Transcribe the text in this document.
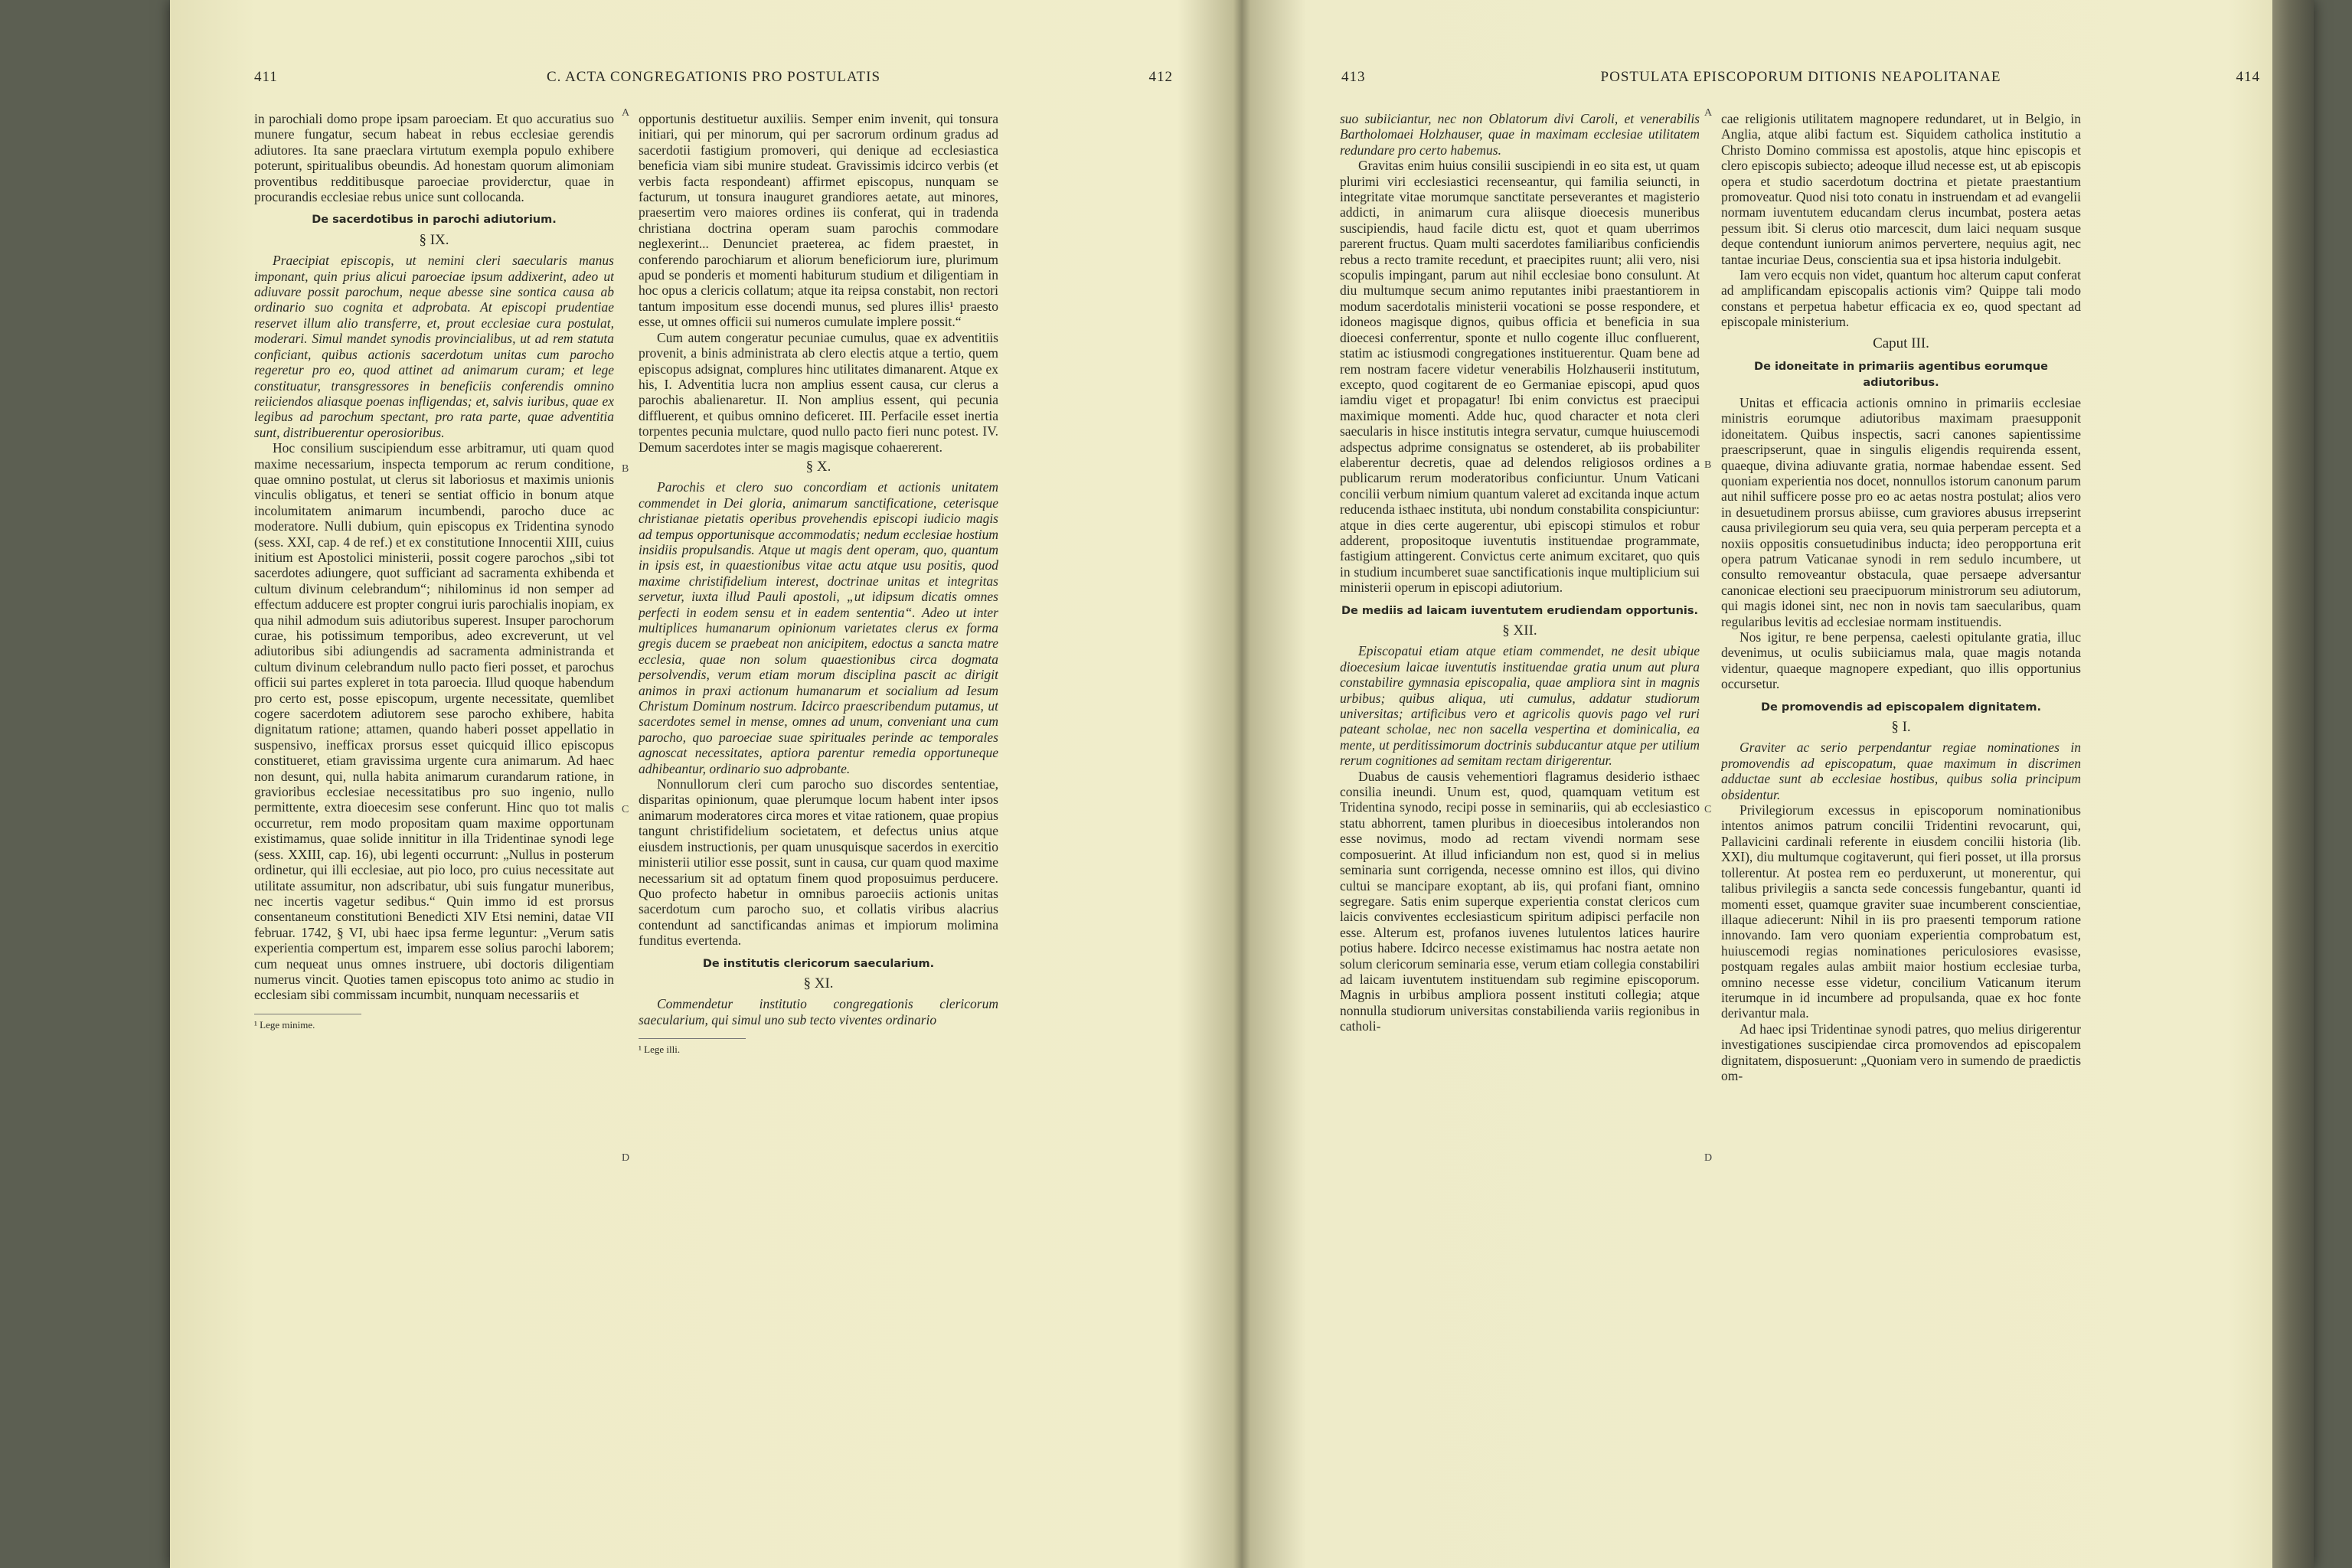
411	C. ACTA CONGREGATIONIS PRO POSTULATIS	412

in parochiali domo prope ipsam paroeciam. Et quo accuratius suo munere fungatur, secum habeat in rebus ecclesiae gerendis adiutores. Ita sane praeclara virtutum exempla populo exhibere poterunt, spiritualibus obeundis. Ad honestam quorum alimoniam proventibus redditibusque paroeciae providerctur, quae in procurandis ecclesiae rebus unice sunt collocanda.

De sacerdotibus in parochi adiutorium.
§ IX.

Praecipiat episcopis, ut nemini cleri saecularis manus imponant, quin prius alicui paroeciae ipsum addixerint, adeo ut adiuvare possit parochum, neque abesse sine sontica causa ab ordinario suo cognita et adprobata. At episcopi prudentiae reservet illum alio transferre, et, prout ecclesiae cura postulat, moderari. Simul mandet synodis provincialibus, ut ad rem statuta conficiant, quibus actionis sacerdotum unitas cum parocho regeretur pro eo, quod attinet ad animarum curam; et lege constituatur, transgressores in beneficiis conferendis omnino reiiciendos aliasque poenas infligendas; et, salvis iuribus, quae ex legibus ad parochum spectant, pro rata parte, quae adventitia sunt, distribuerentur operosioribus.

Hoc consilium suscipiendum esse arbitramur, uti quam quod maxime necessarium, inspecta temporum ac rerum conditione, quae omnino postulat, ut clerus sit laboriosus et maximis unionis vinculis obligatus, et teneri se sentiat officio in bonum atque incolumitatem animarum incumbendi, parocho duce ac moderatore. Nulli dubium, quin episcopus ex Tridentina synodo (sess. XXI, cap. 4 de ref.) et ex constitutione Innocentii XIII, cuius initium est Apostolici ministerii, possit cogere parochos „sibi tot sacerdotes adiungere, quot sufficiant ad sacramenta exhibenda et cultum divinum celebrandum“; nihilominus id non semper ad effectum adducere est propter congrui iuris parochialis inopiam, ex qua nihil admodum suis adiutoribus superest. Insuper parochorum curae, his potissimum temporibus, adeo excreverunt, ut vel adiutoribus sibi adiungendis ad sacramenta administranda et cultum divinum celebrandum nullo pacto fieri posset, et parochus officii sui partes expleret in tota paroecia. Illud quoque habendum pro certo est, posse episcopum, urgente necessitate, quemlibet cogere sacerdotem adiutorem sese parocho exhibere, habita dignitatum ratione; attamen, quando haberi posset appellatio in suspensivo, inefficax prorsus esset quicquid illico episcopus constitueret, etiam gravissima urgente cura animarum. Ad haec non desunt, qui, nulla habita animarum curandarum ratione, in gravioribus ecclesiae necessitatibus pro suo ingenio, nullo permittente, extra dioecesim sese conferunt. Hinc quo tot malis occurretur, rem modo propositam quam maxime opportunam existimamus, quae solide innititur in illa Tridentinae synodi lege (sess. XXIII, cap. 16), ubi legenti occurrunt: „Nullus in posterum ordinetur, qui illi ecclesiae, aut pio loco, pro cuius necessitate aut utilitate assumitur, non adscribatur, ubi suis fungatur muneribus, nec incertis vagetur sedibus.“ Quin immo id est prorsus consentaneum constitutioni Benedicti XIV Etsi nemini, datae VII februar. 1742, § VI, ubi haec ipsa ferme leguntur: „Verum satis experientia compertum est, imparem esse solius parochi laborem; cum nequeat unus omnes instruere, ubi doctoris diligentiam numerus vincit. Quoties tamen episcopus toto animo ac studio in ecclesiam sibi commissam incumbit, nunquam necessariis et

¹ Lege minime.
A
B
C
D

opportunis destituetur auxiliis. Semper enim invenit, qui tonsura initiari, qui per minorum, qui per sacrorum ordinum gradus ad sacerdotii fastigium promoveri, qui denique ad ecclesiastica beneficia viam sibi munire studeat. Gravissimis idcirco verbis (et verbis facta respondeant) affirmet episcopus, nunquam se facturum, ut tonsura inauguret grandiores aetate, aut minores, praesertim vero maiores ordines iis conferat, qui in tradenda christiana doctrina operam suam parochis commodare neglexerint... Denunciet praeterea, ac fidem praestet, in conferendo parochiarum et aliorum beneficiorum iure, plurimum apud se ponderis et momenti habiturum studium et diligentiam in hoc opus a clericis collatum; atque ita reipsa constabit, non rectori tantum impositum esse docendi munus, sed plures illis¹ praesto esse, ut omnes officii sui numeros cumulate implere possit.“

Cum autem congeratur pecuniae cumulus, quae ex adventitiis provenit, a binis administrata ab clero electis atque a tertio, quem episcopus adsignat, complures hinc utilitates dimanarent. Atque ex his, I. Adventitia lucra non amplius essent causa, cur clerus a parochis abalienaretur. II. Non amplius essent, qui pecunia diffluerent, et quibus omnino deficeret. III. Perfacile esset inertia torpentes pecunia mulctare, quod nullo pacto fieri nunc potest. IV. Demum sacerdotes inter se magis magisque cohaererent.

§ X.

Parochis et clero suo concordiam et actionis unitatem commendet in Dei gloria, animarum sanctificatione, ceterisque christianae pietatis operibus provehendis episcopi iudicio magis ad tempus opportunisque accommodatis; nedum ecclesiae hostium insidiis propulsandis. Atque ut magis dent operam, quo, quantum in ipsis est, in quaestionibus vitae actu atque usu positis, quod maxime christifidelium interest, doctrinae unitas et integritas servetur, iuxta illud Pauli apostoli, „ut idipsum dicatis omnes perfecti in eodem sensu et in eadem sententia“. Adeo ut inter multiplices humanarum opinionum varietates clerus ex forma gregis ducem se praebeat non anicipitem, edoctus a sancta matre ecclesia, quae non solum quaestionibus circa dogmata persolvendis, verum etiam morum disciplina pascit ac dirigit animos in praxi actionum humanarum et socialium ad Iesum Christum Dominum nostrum. Idcirco praescribendum putamus, ut sacerdotes semel in mense, omnes ad unum, conveniant una cum parocho, quo paroeciae suae spirituales perinde ac temporales agnoscat necessitates, aptiora parentur remedia opportuneque adhibeantur, ordinario suo adprobante.

Nonnullorum cleri cum parocho suo discordes sententiae, disparitas opinionum, quae plerumque locum habent inter ipsos animarum moderatores circa mores et vitae rationem, quae propius tangunt christifidelium societatem, et defectus unius atque eiusdem instructionis, per quam unusquisque sacerdos in exercitio ministerii utilior esse possit, sunt in causa, cur quam quod maxime necessarium sit ad optatum finem quod proposuimus perducere. Quo profecto habetur in omnibus paroeciis actionis unitas sacerdotum cum parocho suo, et collatis viribus alacrius contendunt ad sanctificandas animas et impiorum molimina funditus evertenda.

De institutis clericorum saecularium.
§ XI.

Commendetur institutio congregationis clericorum saecularium, qui simul uno sub tecto viventes ordinario

¹ Lege illi.
413	POSTULATA EPISCOPORUM DITIONIS NEAPOLITANAE	414

suo subiiciantur, nec non Oblatorum divi Caroli, et venerabilis Bartholomaei Holzhauser, quae in maximam ecclesiae utilitatem redundare pro certo habemus.

Gravitas enim huius consilii suscipiendi in eo sita est, ut quam plurimi viri ecclesiastici recenseantur, qui familia seiuncti, in integritate vitae morumque sanctitate perseverantes et magisterio addicti, in animarum cura aliisque dioecesis muneribus suscipiendis, haud facile dictu est, quot et quam uberrimos parerent fructus. Quam multi sacerdotes familiaribus conficiendis rebus a recto tramite recedunt, et praecipites ruunt; alii vero, nisi scopulis impingant, parum aut nihil ecclesiae bono consulunt. At diu multumque secum animo reputantes inibi praestantiorem in modum sacerdotalis ministerii vocationi se posse respondere, et idoneos magisque dignos, quibus officia et beneficia in sua dioecesi conferrentur, sponte et nullo cogente illuc confluerent, statim ac istiusmodi congregationes instituerentur. Quam bene ad rem nostram facere videtur venerabilis Holzhauserii institutum, excepto, quod cogitarent de eo Germaniae episcopi, apud quos iamdiu viget et propagatur! Ibi enim convictus est praecipui maximique momenti. Adde huc, quod character et nota cleri saecularis in hisce institutis integra servatur, cumque huiuscemodi adspectus adprime consignatus se ostenderet, ab iis probabiliter elaberentur decretis, quae ad delendos religiosos ordines a publicarum rerum moderatoribus conficiuntur. Unum Vaticani concilii verbum nimium quantum valeret ad excitanda inque actum reducenda isthaec instituta, ubi nondum constabilita conspiciuntur: atque in dies certe augerentur, ubi episcopi stimulos et robur adderent, propositoque iuventutis instituendae programmate, fastigium attingerent. Convictus certe animum excitaret, quo quis in studium incumberet suae sanctificationis inque multiplicium sui ministerii operum in episcopi adiutorium.

De mediis ad laicam iuventutem erudiendam opportunis.
§ XII.

Episcopatui etiam atque etiam commendet, ne desit ubique dioecesium laicae iuventutis instituendae gratia unum aut plura constabilire gymnasia episcopalia, quae ampliora sint in magnis urbibus; quibus aliqua, uti cumulus, addatur studiorum universitas; artificibus vero et agricolis quovis pago vel ruri pateant scholae, nec non sacella vespertina et dominicalia, ea mente, ut perditissimorum doctrinis subducantur atque per utilium rerum cognitiones ad semitam rectam dirigerentur.

Duabus de causis vehementiori flagramus desiderio isthaec consilia ineundi. Unum est, quod, quamquam vetitum est Tridentina synodo, recipi posse in seminariis, qui ab ecclesiastico statu abhorrent, tamen pluribus in dioecesibus intolerandos non esse novimus, modo ad rectam vivendi normam sese composuerint. At illud inficiandum non est, quod si in melius seminaria sunt corrigenda, necesse omnino est illos, qui divino cultui se mancipare exoptant, ab iis, qui profani fiant, omnino segregare. Satis enim superque experientia constat clericos cum laicis conviventes ecclesiasticum spiritum adipisci perfacile non esse. Alterum est, profanos iuvenes lutulentos latices haurire potius habere. Idcirco necesse existimamus hac nostra aetate non solum clericorum seminaria esse, verum etiam collegia constabiliri ad laicam iuventutem instituendam sub regimine episcoporum. Magnis in urbibus ampliora possent instituti collegia; atque nonnulla studiorum universitas constabilienda variis regionibus in catholi-

A
B
C
D

cae religionis utilitatem magnopere redundaret, ut in Belgio, in Anglia, atque alibi factum est. Siquidem catholica institutio a Christo Domino commissa est apostolis, atque hinc episcopis et clero episcopis subiecto; adeoque illud necesse est, ut ab episcopis opera et studio sacerdotum doctrina et pietate praestantium promoveatur. Quod nisi toto conatu in instruendam et ad evangelii normam iuventutem educandam clerus incumbat, posterа aetas pessum ibit. Si clerus otio marcescit, dum laici nequam susque deque contendunt iuniorum animos pervertere, nequius agit, nec tantae incuriae Deus, conscientia sua et ipsa historia indulgebit.

Iam vero ecquis non videt, quantum hoc alterum caput conferat ad amplificandam episcopalis actionis vim? Quippe tali modo constans et perpetua habetur efficacia ex eo, quod spectant ad episcopale ministerium.

Caput III.
De idoneitate in primariis agentibus eorumque adiutoribus.

Unitas et efficacia actionis omnino in primariis ecclesiae ministris eorumque adiutoribus maximam praesupponit idoneitatem. Quibus inspectis, sacri canones sapientissime praescripserunt, quae in singulis eligendis requirenda essent, quaeque, divina adiuvante gratia, normae habendae essent. Sed quoniam experientia nos docet, nonnullos istorum canonum parum aut nihil sufficere posse pro eo ac aetas nostra postulat; alios vero in desuetudinem prorsus abiisse, cum graviores abusus irrepserint causa privilegiorum seu quia vera, seu quia perperam percepta et a noxiis oppositis consuetudinibus inducta; ideo peropportuna erit opera patrum Vaticanae synodi in rem sedulo incumbere, ut consulto removeantur obstacula, quae persaepe adversantur canonicae electioni seu praecipuorum ministrorum seu adiutorum, qui magis idonei sint, nec non in novis tam saecularibus, quam regularibus levitis ad ecclesiae normam instituendis.

Nos igitur, re bene perpensa, caelesti opitulante gratia, illuc devenimus, ut oculis subiiciamus mala, quae magis notanda videntur, quaeque magnopere expediant, quo illis opportunius occursetur.

De promovendis ad episcopalem dignitatem.
§ I.

Graviter ac serio perpendantur regiae nominationes in promovendis ad episcopatum, quae maximum in discrimen adductae sunt ab ecclesiae hostibus, quibus solia principum obsidentur.

Privilegiorum excessus in episcoporum nominationibus intentos animos patrum concilii Tridentini revocarunt, qui, Pallavicini cardinali referente in eiusdem concilii historia (lib. XXI), diu multumque cogitaverunt, qui fieri posset, ut illa prorsus tollerentur. At postea rem eo perduxerunt, ut monerentur, qui talibus privilegiis a sancta sede concessis fungebantur, quanti id momenti esset, quamque graviter suae incumberent conscientiae, illaque adiecerunt: Nihil in iis pro praesenti temporum ratione innovando. Iam vero quoniam experientia comprobatum est, huiuscemodi regias nominationes periculosiores evasisse, postquam regales aulas ambiit maior hostium ecclesiae turba, omnino necesse esse videtur, concilium Vaticanum iterum iterumque in id incumbere ad propulsanda, quae ex hoc fonte derivantur mala.

Ad haec ipsi Tridentinae synodi patres, quo melius dirigerentur investigationes suscipiendae circa promovendos ad episcopalem dignitatem, disposuerunt: „Quoniam vero in sumendo de praedictis om-
